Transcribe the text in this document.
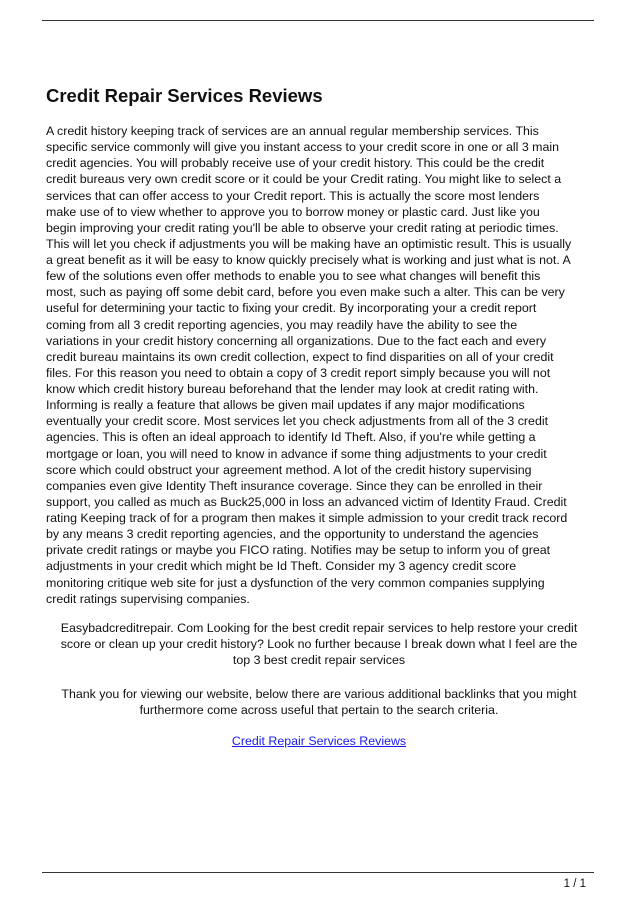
Credit Repair Services Reviews

A credit history keeping track of services are an annual regular membership services. This
specific service commonly will give you instant access to your credit score in one or all 3 main
credit agencies. You will probably receive use of your credit history. This could be the credit
credit bureaus very own credit score or it could be your Credit rating. You might like to select a
services that can offer access to your Credit report. This is actually the score most lenders
make use of to view whether to approve you to borrow money or plastic card. Just like you
begin improving your credit rating you'll be able to observe your credit rating at periodic times.
This will let you check if adjustments you will be making have an optimistic result. This is usually
a great benefit as it will be easy to know quickly precisely what is working and just what is not. A
few of the solutions even offer methods to enable you to see what changes will benefit this
most, such as paying off some debit card, before you even make such a alter. This can be very
useful for determining your tactic to fixing your credit. By incorporating your a credit report
coming from all 3 credit reporting agencies, you may readily have the ability to see the
variations in your credit history concerning all organizations. Due to the fact each and every
credit bureau maintains its own credit collection, expect to find disparities on all of your credit
files. For this reason you need to obtain a copy of 3 credit report simply because you will not
know which credit history bureau beforehand that the lender may look at credit rating with.
Informing is really a feature that allows be given mail updates if any major modifications
eventually your credit score. Most services let you check adjustments from all of the 3 credit
agencies. This is often an ideal approach to identify Id Theft. Also, if you're while getting a
mortgage or loan, you will need to know in advance if some thing adjustments to your credit
score which could obstruct your agreement method. A lot of the credit history supervising
companies even give Identity Theft insurance coverage. Since they can be enrolled in their
support, you called as much as Buck25,000 in loss an advanced victim of Identity Fraud. Credit
rating Keeping track of for a program then makes it simple admission to your credit track record
by any means 3 credit reporting agencies, and the opportunity to understand the agencies
private credit ratings or maybe you FICO rating. Notifies may be setup to inform you of great
adjustments in your credit which might be Id Theft. Consider my 3 agency credit score
monitoring critique web site for just a dysfunction of the very common companies supplying
credit ratings supervising companies.

Easybadcreditrepair. Com Looking for the best credit repair services to help restore your credit
score or clean up your credit history? Look no further because I break down what I feel are the
top 3 best credit repair services

Thank you for viewing our website, below there are various additional backlinks that you might
furthermore come across useful that pertain to the search criteria.

Credit Repair Services Reviews
1 / 1
